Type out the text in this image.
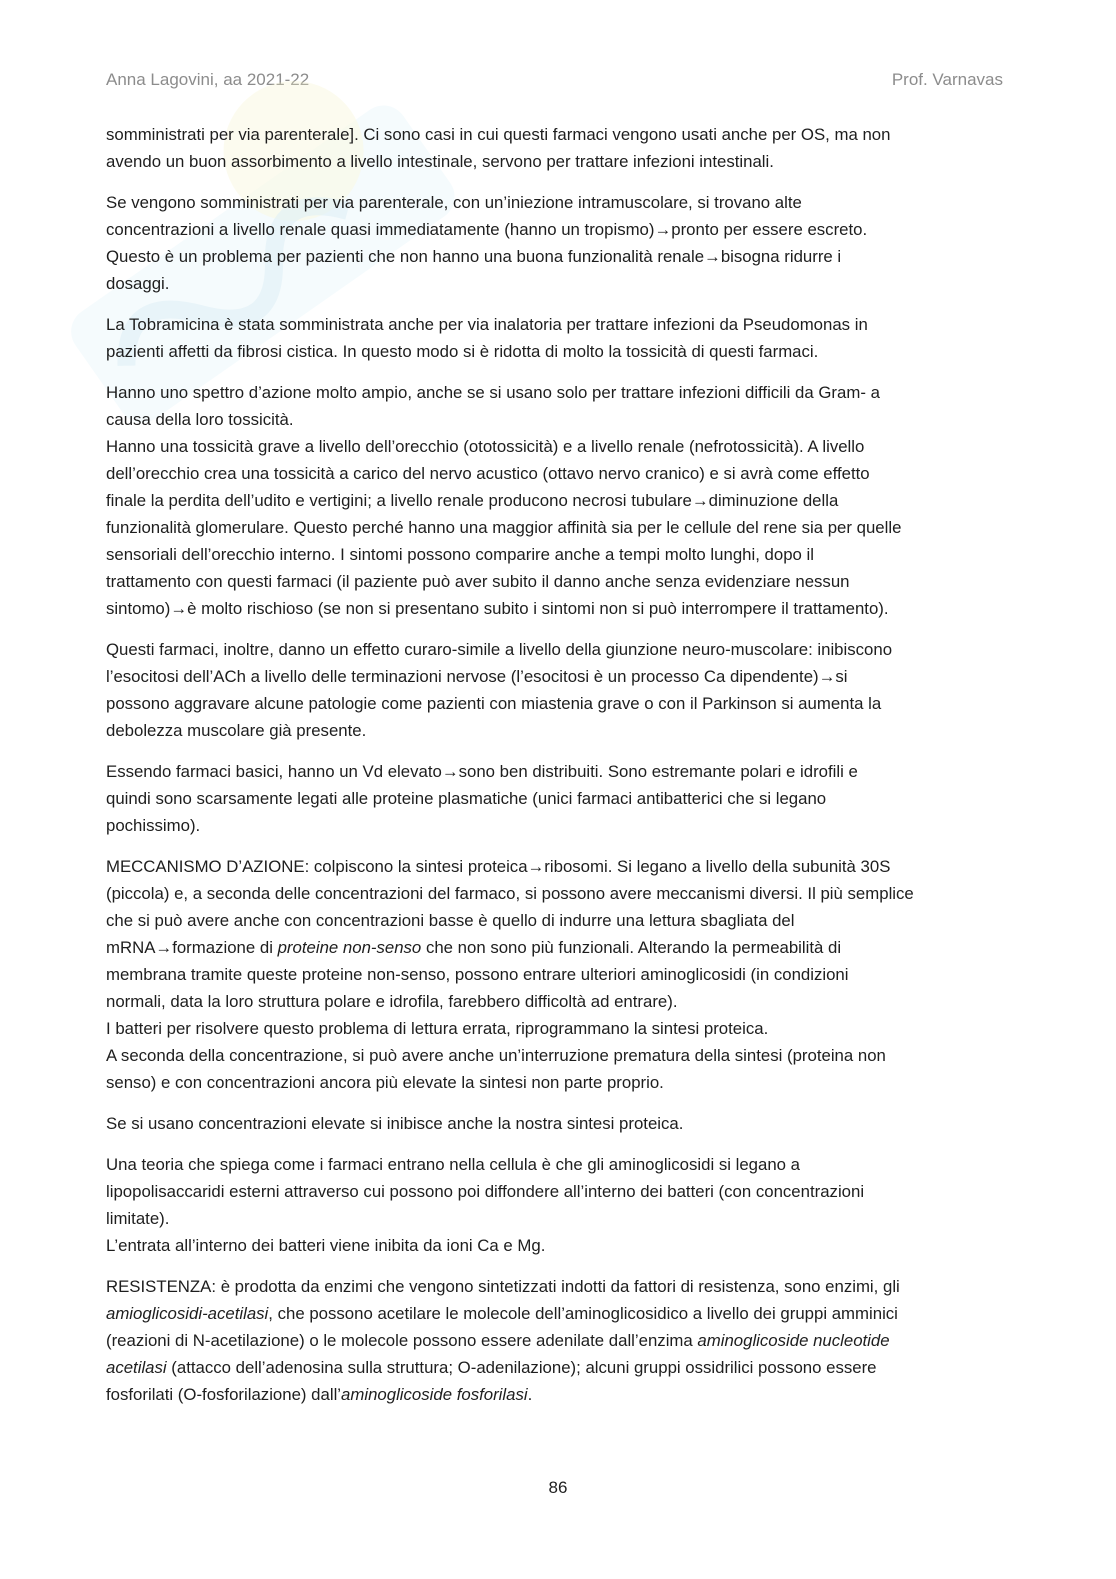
Anna Lagovini, aa 2021-22	Prof. Varnavas

somministrati per via parenterale]. Ci sono casi in cui questi farmaci vengono usati anche per OS, ma non
avendo un buon assorbimento a livello intestinale, servono per trattare infezioni intestinali.

Se vengono somministrati per via parenterale, con un’iniezione intramuscolare, si trovano alte
concentrazioni a livello renale quasi immediatamente (hanno un tropismo)→pronto per essere escreto.
Questo è un problema per pazienti che non hanno una buona funzionalità renale→bisogna ridurre i
dosaggi.

La Tobramicina è stata somministrata anche per via inalatoria per trattare infezioni da Pseudomonas in
pazienti affetti da fibrosi cistica. In questo modo si è ridotta di molto la tossicità di questi farmaci.

Hanno uno spettro d’azione molto ampio, anche se si usano solo per trattare infezioni difficili da Gram- a
causa della loro tossicità.
Hanno una tossicità grave a livello dell’orecchio (ototossicità) e a livello renale (nefrotossicità). A livello
dell’orecchio crea una tossicità a carico del nervo acustico (ottavo nervo cranico) e si avrà come effetto
finale la perdita dell’udito e vertigini; a livello renale producono necrosi tubulare→diminuzione della
funzionalità glomerulare. Questo perché hanno una maggior affinità sia per le cellule del rene sia per quelle
sensoriali dell’orecchio interno. I sintomi possono comparire anche a tempi molto lunghi, dopo il
trattamento con questi farmaci (il paziente può aver subito il danno anche senza evidenziare nessun
sintomo)→è molto rischioso (se non si presentano subito i sintomi non si può interrompere il trattamento).

Questi farmaci, inoltre, danno un effetto curaro-simile a livello della giunzione neuro-muscolare: inibiscono
l’esocitosi dell’ACh a livello delle terminazioni nervose (l’esocitosi è un processo Ca dipendente)→si
possono aggravare alcune patologie come pazienti con miastenia grave o con il Parkinson si aumenta la
debolezza muscolare già presente.

Essendo farmaci basici, hanno un Vd elevato→sono ben distribuiti. Sono estremante polari e idrofili e
quindi sono scarsamente legati alle proteine plasmatiche (unici farmaci antibatterici che si legano
pochissimo).

MECCANISMO D’AZIONE: colpiscono la sintesi proteica→ribosomi. Si legano a livello della subunità 30S
(piccola) e, a seconda delle concentrazioni del farmaco, si possono avere meccanismi diversi. Il più semplice
che si può avere anche con concentrazioni basse è quello di indurre una lettura sbagliata del
mRNA→formazione di proteine non-senso che non sono più funzionali. Alterando la permeabilità di
membrana tramite queste proteine non-senso, possono entrare ulteriori aminoglicosidi (in condizioni
normali, data la loro struttura polare e idrofila, farebbero difficoltà ad entrare).
I batteri per risolvere questo problema di lettura errata, riprogrammano la sintesi proteica.
A seconda della concentrazione, si può avere anche un’interruzione prematura della sintesi (proteina non
senso) e con concentrazioni ancora più elevate la sintesi non parte proprio.

Se si usano concentrazioni elevate si inibisce anche la nostra sintesi proteica.

Una teoria che spiega come i farmaci entrano nella cellula è che gli aminoglicosidi si legano a
lipopolisaccaridi esterni attraverso cui possono poi diffondere all’interno dei batteri (con concentrazioni
limitate).
L’entrata all’interno dei batteri viene inibita da ioni Ca e Mg.

RESISTENZA: è prodotta da enzimi che vengono sintetizzati indotti da fattori di resistenza, sono enzimi, gli
amioglicosidi-acetilasi, che possono acetilare le molecole dell’aminoglicosidico a livello dei gruppi amminici
(reazioni di N-acetilazione) o le molecole possono essere adenilate dall’enzima aminoglicoside nucleotide
acetilasi (attacco dell’adenosina sulla struttura; O-adenilazione); alcuni gruppi ossidrilici possono essere
fosforilati (O-fosforilazione) dall’aminoglicoside fosforilasi.

86
